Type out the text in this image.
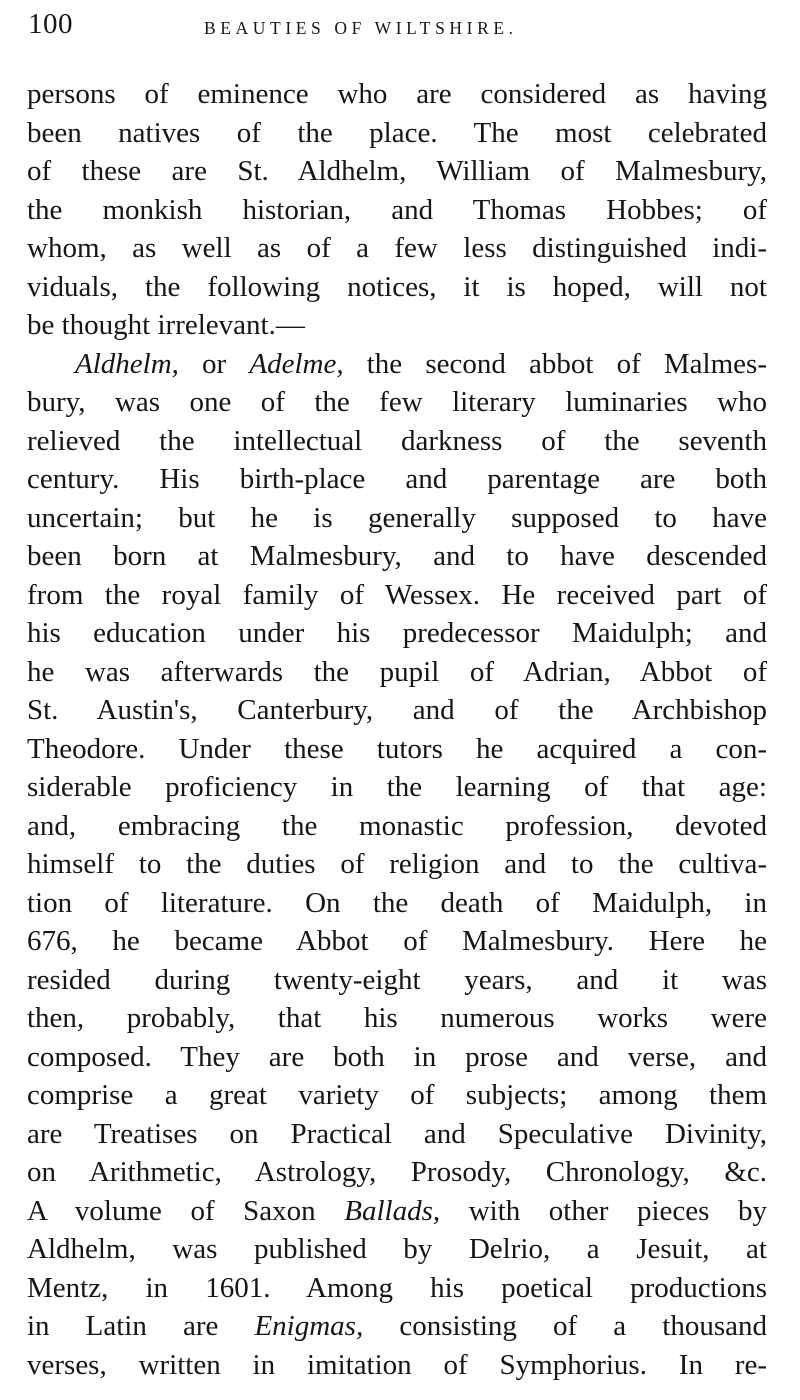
100	BEAUTIES OF WILTSHIRE.
persons of eminence who are considered as having
been natives of the place. The most celebrated
of these are St. Aldhelm, William of Malmesbury,
the monkish historian, and Thomas Hobbes; of
whom, as well as of a few less distinguished indi-
viduals, the following notices, it is hoped, will not
be thought irrelevant.—
Aldhelm, or Adelme, the second abbot of Malmes-
bury, was one of the few literary luminaries who
relieved the intellectual darkness of the seventh
century. His birth-place and parentage are both
uncertain; but he is generally supposed to have
been born at Malmesbury, and to have descended
from the royal family of Wessex. He received part of
his education under his predecessor Maidulph; and
he was afterwards the pupil of Adrian, Abbot of
St. Austin's, Canterbury, and of the Archbishop
Theodore. Under these tutors he acquired a con-
siderable proficiency in the learning of that age:
and, embracing the monastic profession, devoted
himself to the duties of religion and to the cultiva-
tion of literature. On the death of Maidulph, in
676, he became Abbot of Malmesbury. Here he
resided during twenty-eight years, and it was
then, probably, that his numerous works were
composed. They are both in prose and verse, and
comprise a great variety of subjects; among them
are Treatises on Practical and Speculative Divinity,
on Arithmetic, Astrology, Prosody, Chronology, &c.
A volume of Saxon Ballads, with other pieces by
Aldhelm, was published by Delrio, a Jesuit, at
Mentz, in 1601. Among his poetical productions
in Latin are Enigmas, consisting of a thousand
verses, written in imitation of Symphorius. In re-
